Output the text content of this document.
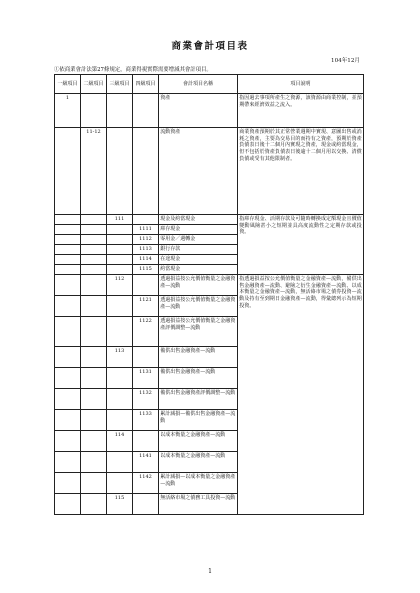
商業會計項目表
104年12月
①依商業會計法第27條規定，商業得視實際需要增減其會計項目。
一級項目	二級項目	三級項目	四級項目	會計項目名稱	項目說明
1				資產	指因過去事項所產生之資源，該資源由商業控制，並預期帶來經濟效益之流入。
	11-12			流動資產	商業資產預期於其正常營業週期中實現、意圖出售或消耗之資產，主要為交易目的而持有之資產，預期於資產負債表日後十二個月內實現之資產，現金或約當現金，但不包括於資產負債表日後逾十二個月用以交換、清償負債或受有其他限制者。
		111		現金及約當現金	指庫存現金、活期存款及可隨時轉換成定額現金且價值變動風險甚小之短期並具高度流動性之定期存款或投資。
			1111	庫存現金	
			1112	零用金／週轉金	
			1113	銀行存款	
			1114	在途現金	
			1115	約當現金	
		112		透過損益按公允價值衡量之金融資產—流動	指透過損益按公允價值衡量之金融資產—流動，備供出售金融資產—流動、避險之衍生金融資產—流動、以成本衡量之金融資產—流動，無活絡市場之債券投資—流動及持有至到期日金融資產—流動，得彙總列示為短期投資。
			1121	透過損益按公允價值衡量之金融資產—流動	
			1122	透過損益按公允價值衡量之金融資產評價調整—流動	
		113		備供出售金融資產—流動	
			1131	備供出售金融資產—流動	
			1132	備供出售金融資產評價調整—流動	
			1133	累計減損—備供出售金融資產—流動	
		114		以成本衡量之金融資產—流動	
			1141	以成本衡量之金融資產—流動	
			1142	累計減損—以成本衡量之金融資產—流動	
		115		無活絡市場之債務工具投資—流動	
1
